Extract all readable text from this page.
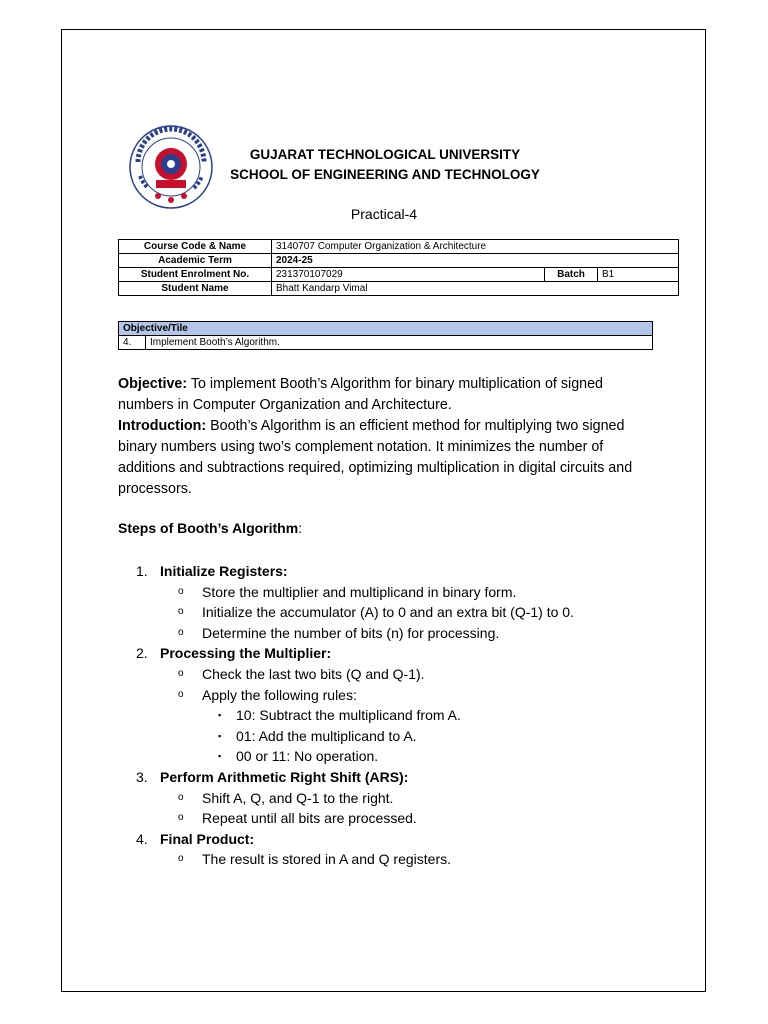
GUJARAT TECHNOLOGICAL UNIVERSITY
SCHOOL OF ENGINEERING AND TECHNOLOGY
Practical-4
Course Code & Name	3140707 Computer Organization & Architecture		
Academic Term	2024-25		
Student Enrolment No.	231370107029	Batch	B1
Student Name	Bhatt Kandarp Vimal		
Objective/Tile
4.	Implement Booth’s Algorithm.

Objective: To implement Booth’s Algorithm for binary multiplication of signed numbers in Computer Organization and Architecture.

Introduction: Booth’s Algorithm is an efficient method for multiplying two signed binary numbers using two’s complement notation. It minimizes the number of additions and subtractions required, optimizing multiplication in digital circuits and processors.

Steps of Booth’s Algorithm:
1. Initialize Registers:
o	Store the multiplier and multiplicand in binary form.
o	Initialize the accumulator (A) to 0 and an extra bit (Q-1) to 0.
o	Determine the number of bits (n) for processing.
2. Processing the Multiplier:
o	Check the last two bits (Q and Q-1).
o	Apply the following rules:
▪	10: Subtract the multiplicand from A.
▪	01: Add the multiplicand to A.
▪	00 or 11: No operation.
3. Perform Arithmetic Right Shift (ARS):
o	Shift A, Q, and Q-1 to the right.
o	Repeat until all bits are processed.
4. Final Product:
o	The result is stored in A and Q registers.
